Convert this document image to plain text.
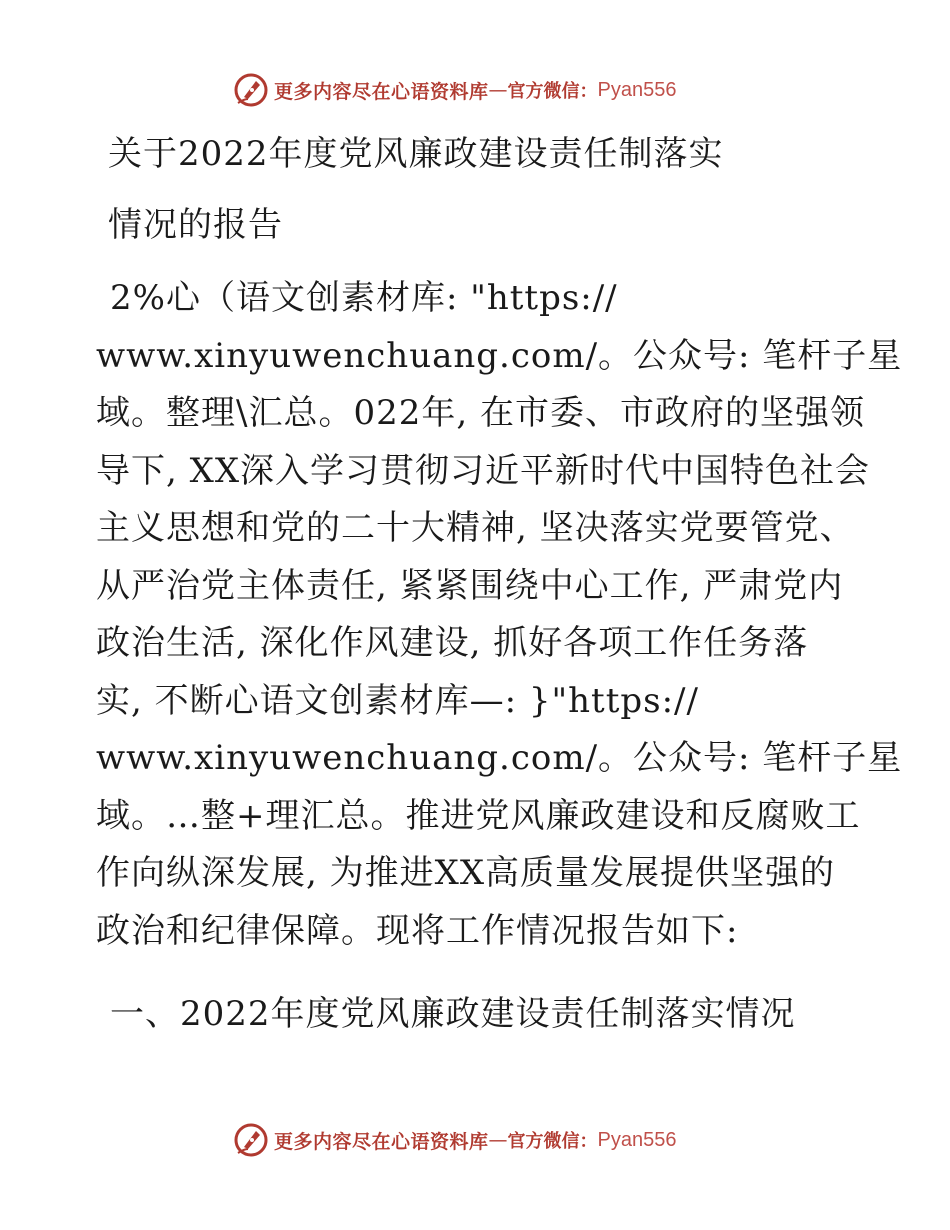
更多内容尽在心语资料库 — 官方微信： Pyan556
关于2022年度党风廉政建设责任制落实
情况的报告
2%心（语文创素材库: "https://
www.xinyuwenchuang.com/。公众号: 笔杆子星
域。整理\汇总。022年, 在市委、市政府的坚强领
导下, XX深入学习贯彻习近平新时代中国特色社会
主义思想和党的二十大精神, 坚决落实党要管党、
从严治党主体责任, 紧紧围绕中心工作, 严肃党内
政治生活, 深化作风建设, 抓好各项工作任务落
实, 不断心语文创素材库—: }"https://
www.xinyuwenchuang.com/。公众号: 笔杆子星
域。…整+理汇总。推进党风廉政建设和反腐败工
作向纵深发展, 为推进XX高质量发展提供坚强的
政治和纪律保障。现将工作情况报告如下:
一、2022年度党风廉政建设责任制落实情况
更多内容尽在心语资料库 — 官方微信： Pyan556
